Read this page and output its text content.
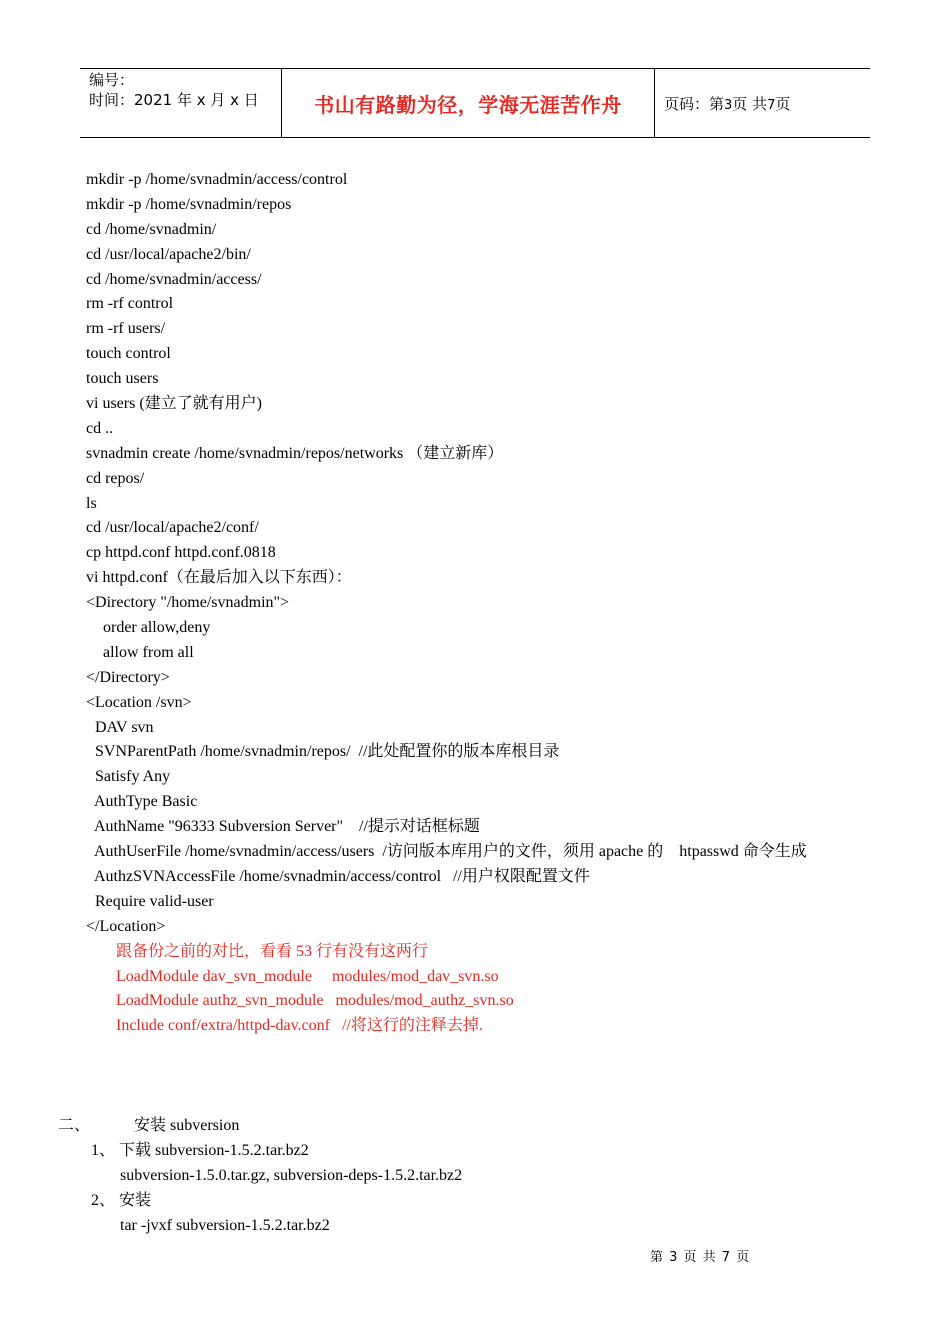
编号：
时间：2021 年 x 月 x 日	书山有路勤为径，学海无涯苦作舟	页码：第3页 共7页
mkdir -p /home/svnadmin/access/control
mkdir -p /home/svnadmin/repos
cd /home/svnadmin/
cd /usr/local/apache2/bin/
cd /home/svnadmin/access/
rm -rf control
rm -rf users/
touch control
touch users
vi users (建立了就有用户)
cd ..
svnadmin create /home/svnadmin/repos/networks （建立新库）
cd repos/
ls
cd /usr/local/apache2/conf/
cp httpd.conf httpd.conf.0818
vi httpd.conf（在最后加入以下东西）：
<Directory "/home/svnadmin">
order allow,deny
allow from all
</Directory>
<Location /svn>
DAV svn
SVNParentPath /home/svnadmin/repos/  //此处配置你的版本库根目录
Satisfy Any
AuthType Basic
AuthName "96333 Subversion Server"    //提示对话框标题
AuthUserFile /home/svnadmin/access/users  /访问版本库用户的文件，须用 apache 的    htpasswd 命令生成
AuthzSVNAccessFile /home/svnadmin/access/control   //用户权限配置文件
Require valid-user
</Location>
跟备份之前的对比，看看 53 行有没有这两行
LoadModule dav_svn_module     modules/mod_dav_svn.so
LoadModule authz_svn_module   modules/mod_authz_svn.so
Include conf/extra/httpd-dav.conf   //将这行的注释去掉.
二、	安装 subversion
1、 下载 subversion-1.5.2.tar.bz2
subversion-1.5.0.tar.gz, subversion-deps-1.5.2.tar.bz2
2、 安装
tar -jvxf subversion-1.5.2.tar.bz2
第 3 页 共 7 页
